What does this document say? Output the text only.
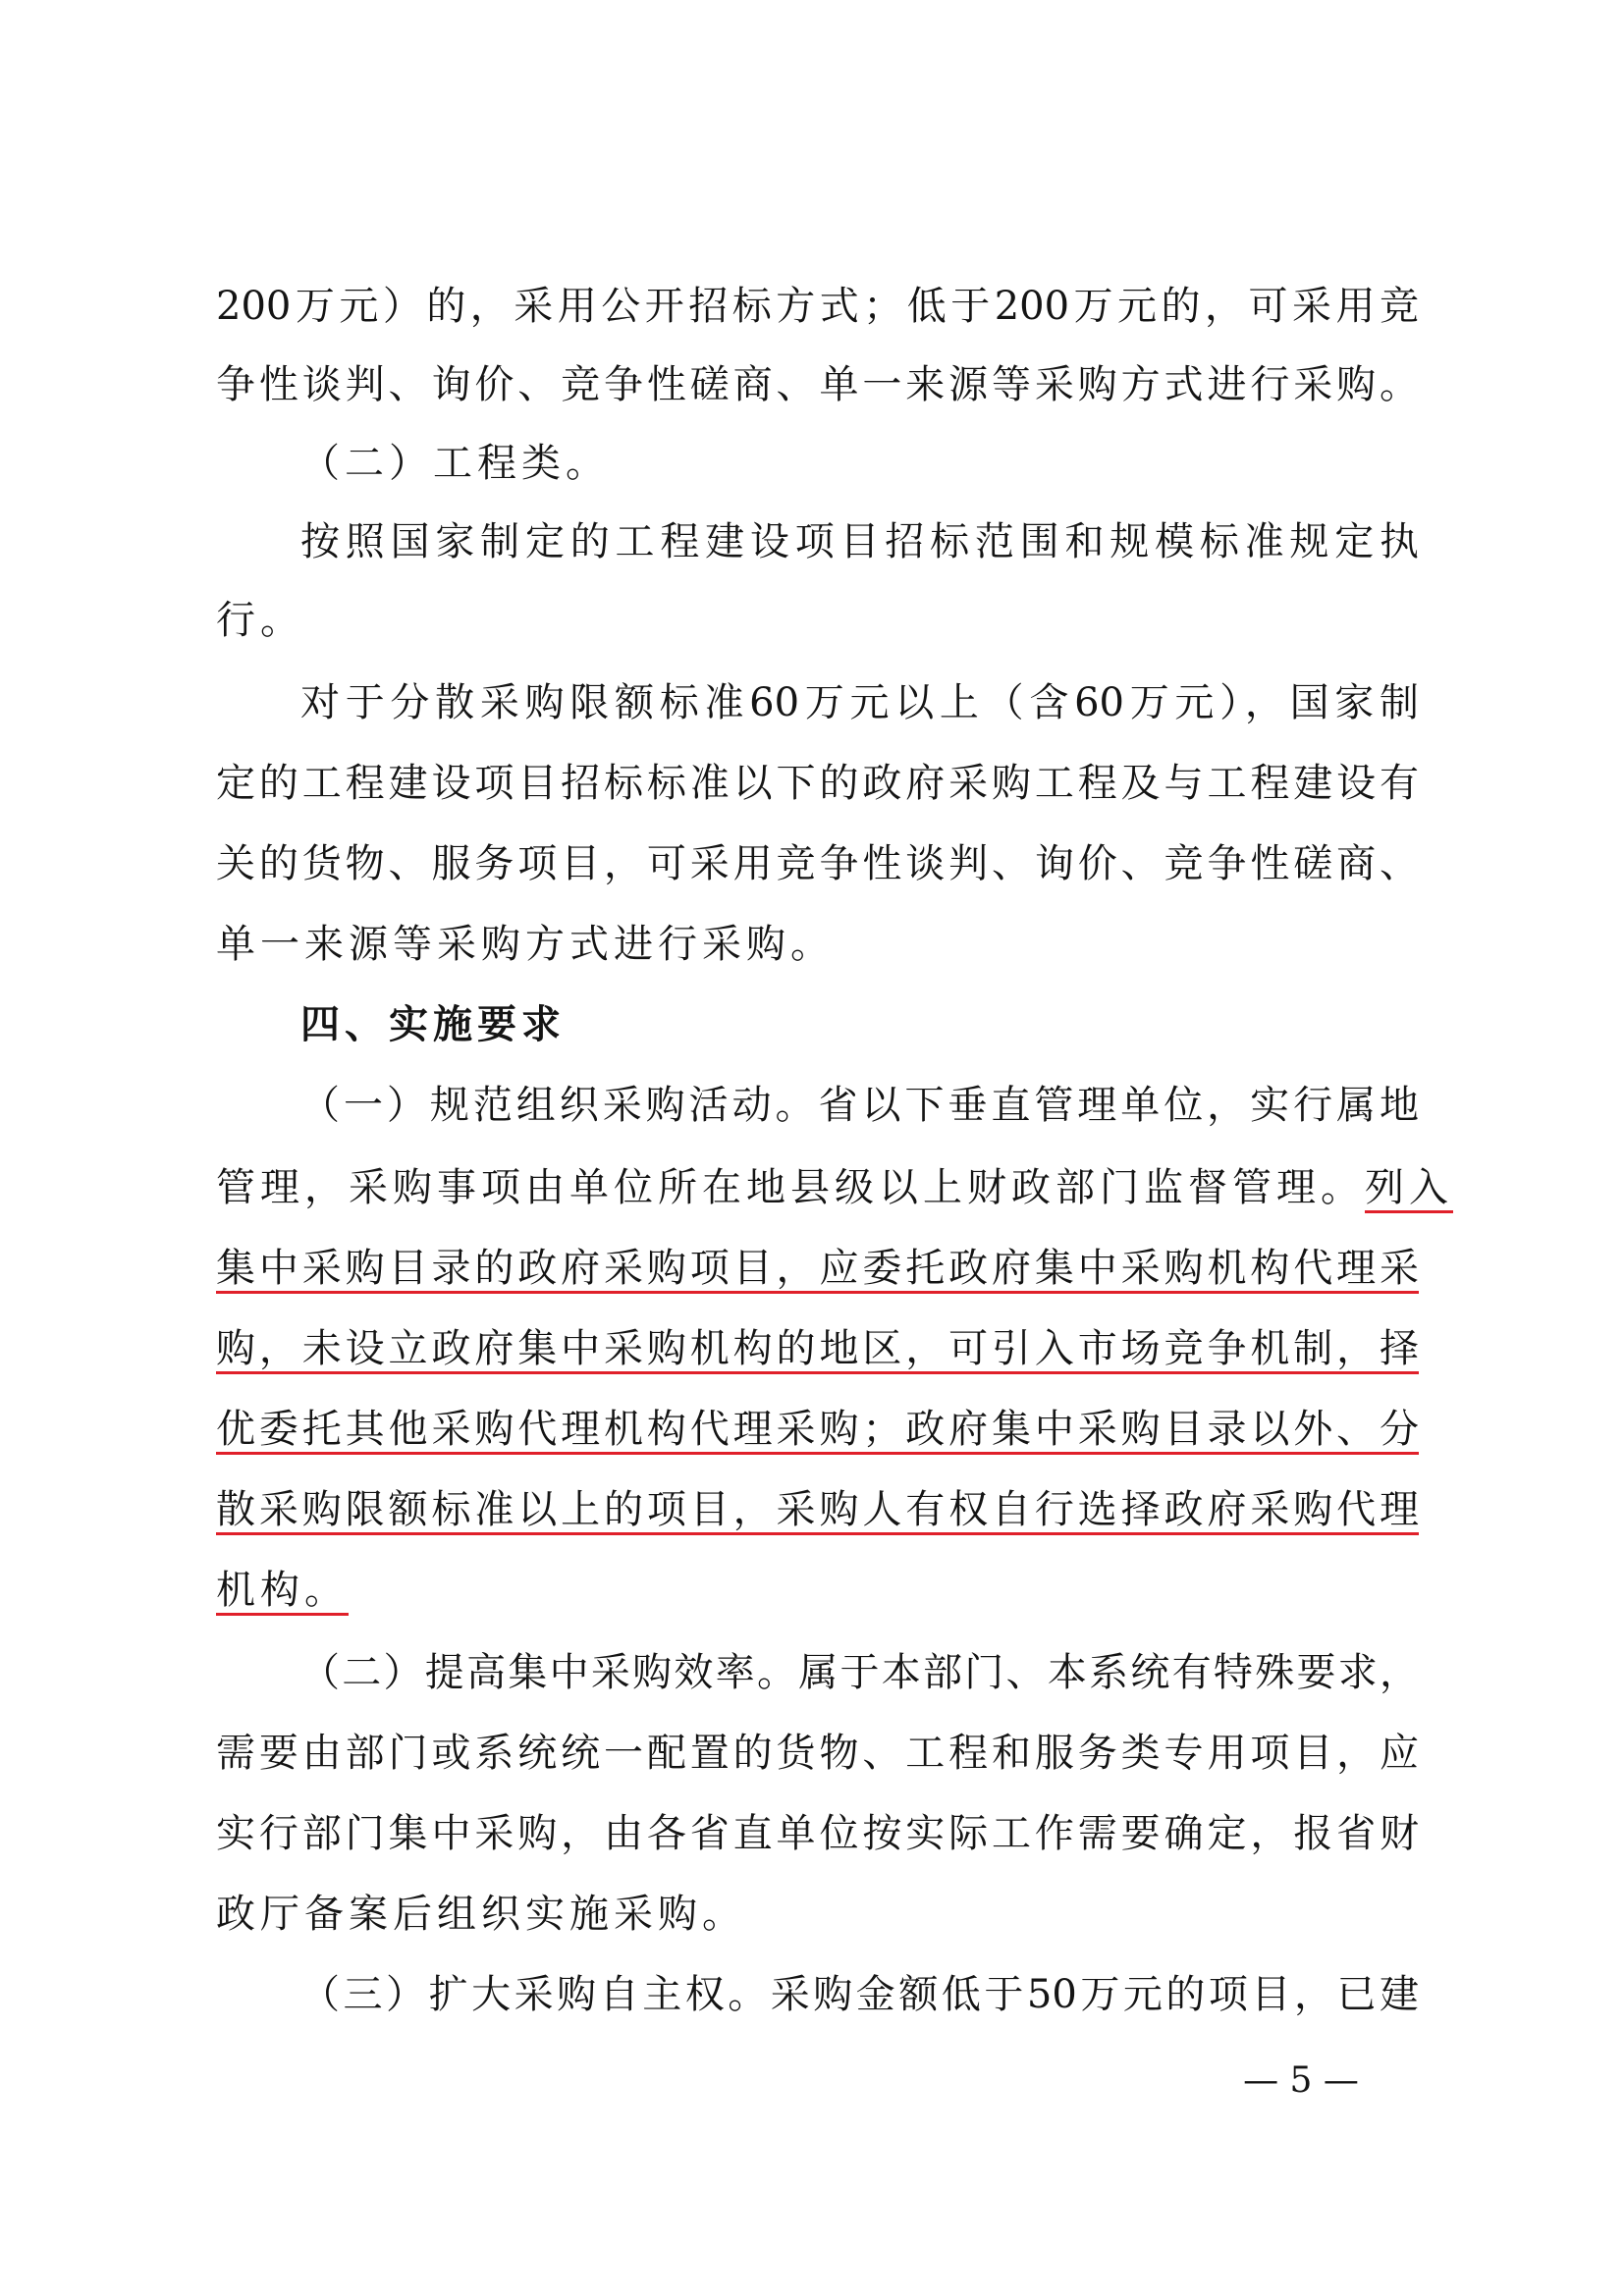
200万元）的，采用公开招标方式；低于200万元的，可采用竞
争性谈判、询价、竞争性磋商、单一来源等采购方式进行采购。
（二）工程类。
按照国家制定的工程建设项目招标范围和规模标准规定执
行。
对于分散采购限额标准60万元以上（含60万元），国家制
定的工程建设项目招标标准以下的政府采购工程及与工程建设有
关的货物、服务项目，可采用竞争性谈判、询价、竞争性磋商、
单一来源等采购方式进行采购。
四、实施要求
（一）规范组织采购活动。省以下垂直管理单位，实行属地
管理，采购事项由单位所在地县级以上财政部门监督管理。列入
集中采购目录的政府采购项目，应委托政府集中采购机构代理采
购，未设立政府集中采购机构的地区，可引入市场竞争机制，择
优委托其他采购代理机构代理采购；政府集中采购目录以外、分
散采购限额标准以上的项目，采购人有权自行选择政府采购代理
机构。
（二）提高集中采购效率。属于本部门、本系统有特殊要求，
需要由部门或系统统一配置的货物、工程和服务类专用项目，应
实行部门集中采购，由各省直单位按实际工作需要确定，报省财
政厅备案后组织实施采购。
（三）扩大采购自主权。采购金额低于50万元的项目，已建
— 5 —
